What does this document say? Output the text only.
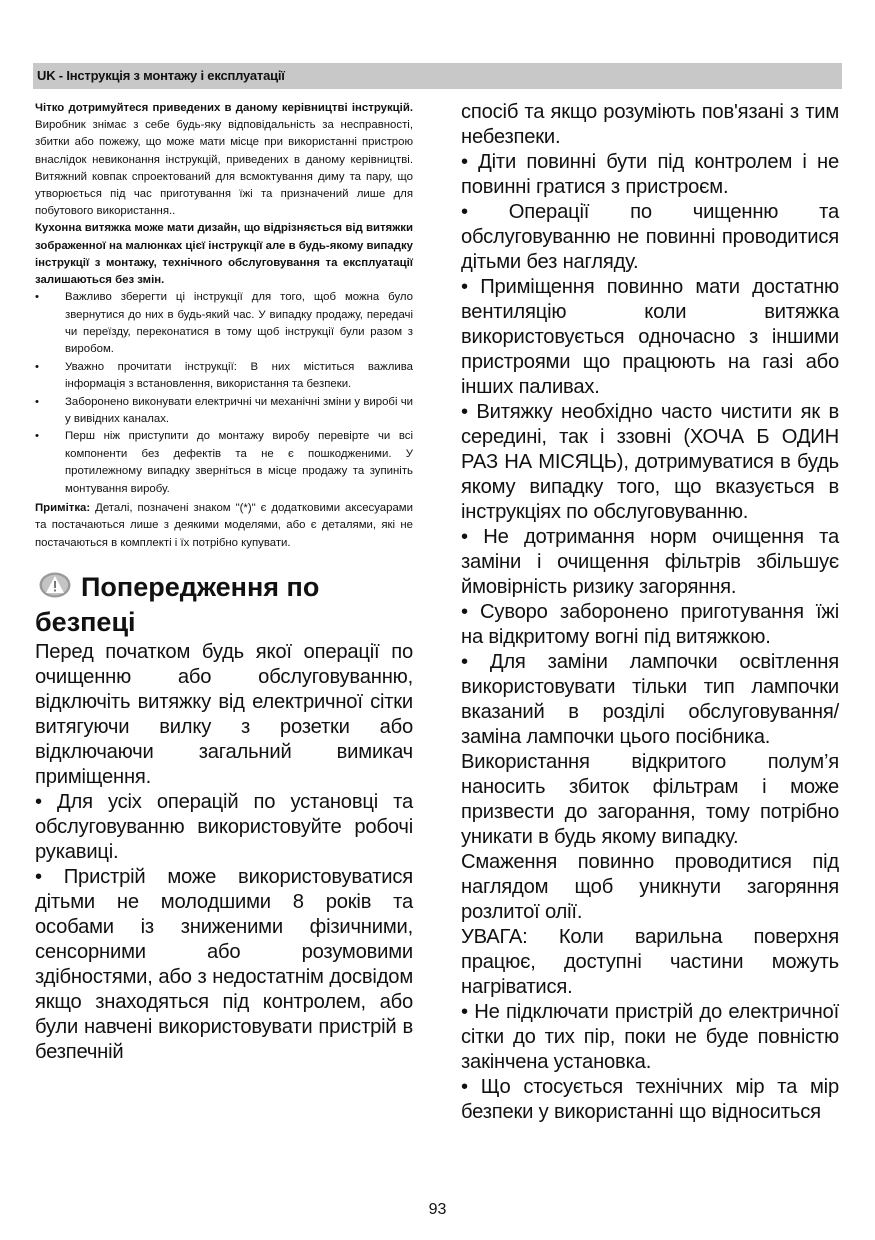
UK - Інструкція з монтажу і експлуатації

Чітко дотримуйтеся приведених в даному керівництві інструкцій. Виробник знімає з себе будь-яку відповідальність за несправності, збитки або пожежу, що може мати місце при використанні пристрою внаслідок невиконання інструкцій, приведених в даному керівництві. Витяжний ковпак спроектований для всмоктування диму та пару, що утворюється під час приготування їжі та призначений лише для побутового використання..

Кухонна витяжка може мати дизайн, що відрізняється від витяжки зображенної на малюнках цієї інструкції але в будь-якому випадку інструкції з монтажу, технічного обслуговування та експлуатації залишаються без змін.

• Важливо зберегти ці інструкції для того, щоб можна було звернутися до них в будь-який час. У випадку продажу, передачі чи переїзду, переконатися в тому щоб інструкції були разом з виробом.
• Уважно прочитати інструкції: В них міститься важлива інформація з встановлення, використання та безпеки.
• Заборонено виконувати електричні чи механічні зміни у виробі чи у вивідних каналах.
• Перш ніж приступити до монтажу виробу перевірте чи всі компоненти без дефектів та не є пошкодженими. У протилежному випадку зверніться в місце продажу та зупиніть монтування виробу.

Примітка: Деталі, позначені знаком "(*)" є додатковими аксесуарами та постачаються лише з деякими моделями, або є деталями, які не постачаються в комплекті і їх потрібно купувати.

Попередження по безпеці

Перед початком будь якої операції по очищенню або обслуговуванню, відключіть витяжку від електричної сітки витягуючи вилку з розетки або відключаючи загальний вимикач приміщення.

• Для усіх операцій по установці та обслуговуванню використовуйте робочі рукавиці.

• Пристрій може використовуватися дітьми не молодшими 8 років та особами із зниженими фізичними, сенсорними або розумовими здібностями, або з недостатнім досвідом якщо знаходяться під контролем, або були навчені використовувати пристрій в безпечній

спосіб та якщо розуміють пов'язані з тим небезпеки.

• Діти повинні бути під контролем і не повинні гратися з пристроєм.

• Операції по чищенню та обслуговуванню не повинні проводитися дітьми без нагляду.

• Приміщення повинно мати достатню вентиляцію коли витяжка використовується одночасно з іншими пристроями що працюють на газі або інших паливах.

• Витяжку необхідно часто чистити як в середині, так і ззовні (ХОЧА Б ОДИН РАЗ НА МІСЯЦЬ), дотримуватися в будь якому випадку того, що вказується в інструкціях по обслуговуванню.

• Не дотримання норм очищення та заміни і очищення фільтрів збільшує ймовірність ризику загоряння.

• Суворо заборонено приготування їжі на відкритому вогні під витяжкою.

• Для заміни лампочки освітлення використовувати тільки тип лампочки вказаний в розділі обслуговування/заміна лампочки цього посібника.

Використання відкритого полум’я наносить збиток фільтрам і може призвести до загорання, тому потрібно уникати в будь якому випадку.

Смаження повинно проводитися під наглядом щоб уникнути загоряння розлитої олії.

УВАГА: Коли варильна поверхня працює, доступні частини можуть нагріватися.

• Не підключати пристрій до електричної сітки до тих пір, поки не буде повністю закінчена установка.

• Що стосується технічних мір та мір безпеки у використанні що відноситься

93
